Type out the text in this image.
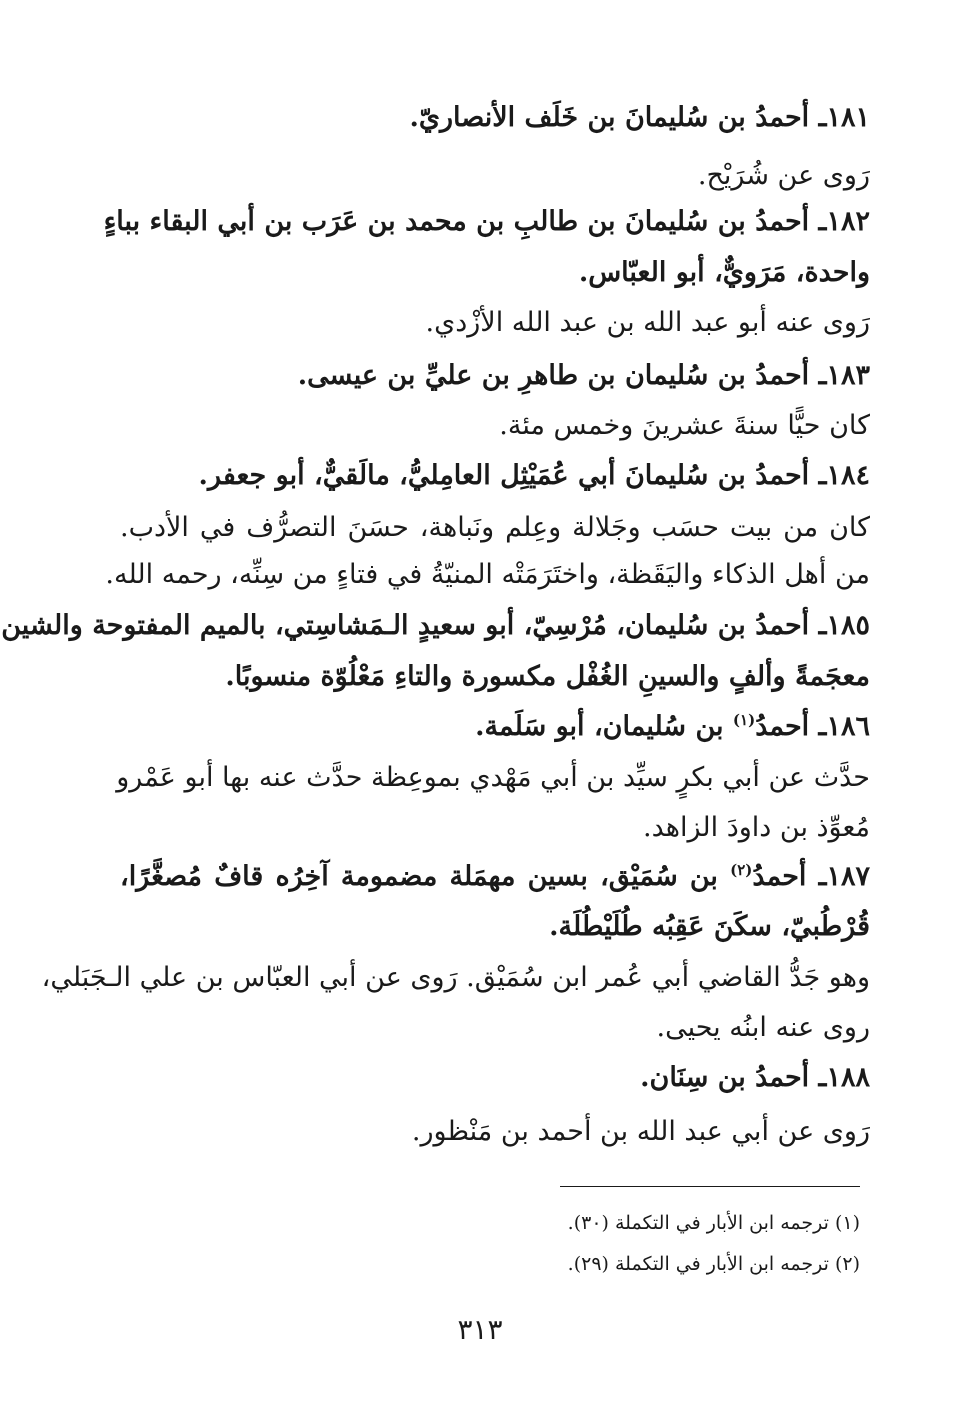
١٨١ـ أحمدُ بن سُليمانَ بن خَلَف الأنصاريّ.
رَوى عن شُرَيْح.
١٨٢ـ أحمدُ بن سُليمانَ بن طالبِ بن محمد بن عَرَب بن أبي البقاء بباءٍ
واحدة، مَرَويٌّ، أبو العبّاس.
رَوى عنه أبو عبد الله بن عبد الله الأزْدي.
١٨٣ـ أحمدُ بن سُليمان بن طاهرِ بن عليِّ بن عيسى.
كان حيًّا سنةَ عشرينَ وخمس مئة.
١٨٤ـ أحمدُ بن سُليمانَ أبي عُمَيْثِل العامِليُّ، مالَقيٌّ، أبو جعفر.
كان من بيت حسَب وجَلالة وعِلم ونَباهة، حسَنَ التصرُّف في الأدب.
من أهل الذكاء واليَقَظة، واختَرَمَتْه المنيّةُ في فتاءٍ من سِنِّه، رحمه الله.
١٨٥ـ أحمدُ بن سُليمان، مُرْسِيّ، أبو سعيدٍ الـمَشاسِتي، بالميم المفتوحة والشين
معجَمةً وألفٍ والسينِ الغُفْل مكسورة والتاءِ مَعْلُوّة منسوبًا.
١٨٦ـ أحمدُ$^{(١)}$ بن سُليمان، أبو سَلَمة.
حدَّث عن أبي بكرٍ سيِّد بن أبي مَهْدي بموعِظة حدَّث عنه بها أبو عَمْرو
مُعوِّذ بن داودَ الزاهد.
١٨٧ـ أحمدُ$^{(٢)}$ بن سُمَيْق، بسين مهمَلة مضمومة آخِرُه قافٌ مُصغَّرًا،
قُرْطُبيّ، سكَنَ عَقِبُه طُلَيْطُلَة.
وهو جَدُّ القاضي أبي عُمر ابن سُمَيْق. رَوى عن أبي العبّاس بن علي الـجَبَلي،
روى عنه ابنُه يحيى.
١٨٨ـ أحمدُ بن سِنَان.
رَوى عن أبي عبد الله بن أحمد بن مَنْظور.
(١) ترجمه ابن الأبار في التكملة (٣٠).
(٢) ترجمه ابن الأبار في التكملة (٢٩).
٣١٣
